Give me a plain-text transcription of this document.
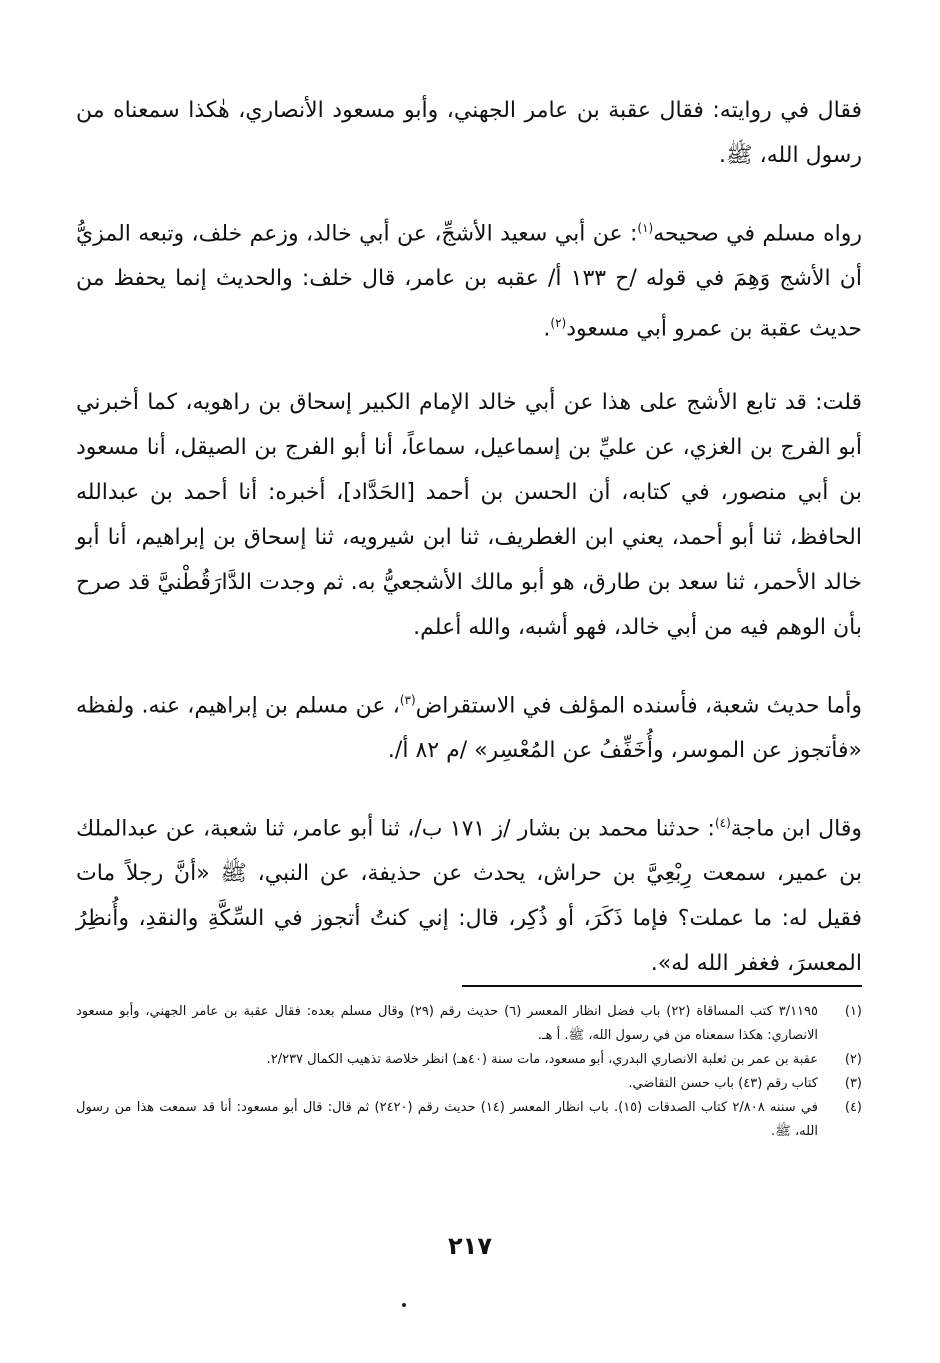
فقال في روايته: فقال عقبة بن عامر الجهني، وأبو مسعود الأنصاري، هٰكذا سمعناه من رسول الله، ﷺ.

رواه مسلم في صحيحه$^{(١)}$: عن أبي سعيد الأشجِّ، عن أبي خالد، وزعم خلف، وتبعه المزيُّ أن الأشج وَهِمَ في قوله /ح ١٣٣ أ/ عقبه بن عامر، قال خلف: والحديث إنما يحفظ من حديث عقبة بن عمرو أبي مسعود$^{(٢)}$.

قلت: قد تابع الأشج على هذا عن أبي خالد الإمام الكبير إسحاق بن راهويه، كما أخبرني أبو الفرج بن الغزي، عن عليِّ بن إسماعيل، سماعاً، أنا أبو الفرج بن الصيقل، أنا مسعود بن أبي منصور، في كتابه، أن الحسن بن أحمد [الحَدَّاد]، أخبره: أنا أحمد بن عبدالله الحافظ، ثنا أبو أحمد، يعني ابن الغطريف، ثنا ابن شيرويه، ثنا إسحاق بن إبراهيم، أنا أبو خالد الأحمر، ثنا سعد بن طارق، هو أبو مالك الأشجعيُّ به. ثم وجدت الدَّارَقُطْنيَّ قد صرح بأن الوهم فيه من أبي خالد، فهو أشبه، والله أعلم.

وأما حديث شعبة، فأسنده المؤلف في الاستقراض$^{(٣)}$، عن مسلم بن إبراهيم، عنه. ولفظه «فأتجوز عن الموسر، وأُخَفِّفُ عن المُعْسِر» /م ٨٢ أ/.

وقال ابن ماجة$^{(٤)}$: حدثنا محمد بن بشار /ز ١٧١ ب/، ثنا أبو عامر، ثنا شعبة، عن عبدالملك بن عمير، سمعت رِبْعِيَّ بن حراش، يحدث عن حذيفة، عن النبي، ﷺ «أنَّ رجلاً مات فقيل له: ما عملت؟ فإما ذَكَرَ، أو ذُكِر، قال: إني كنتُ أتجوز في السِّكَّةِ والنقدِ، وأُنظِرُ المعسرَ، فغفر الله له».

(١)
٣/١١٩٥ كتب المساقاة (٢٢) باب فضل انظار المعسر (٦) حديث رقم (٢٩) وقال مسلم بعده: فقال عقبة بن عامر الجهني، وأبو مسعود الانصاري: هكذا سمعناه من في رسول الله، ﷺ. أ هـ.
(٢)
عقبة بن عمر بن ثعلبة الانصاري البدري، أبو مسعود، مات سنة (٤٠هـ) انظر خلاصة تذهيب الكمال ٢/٢٣٧.
(٣)
كتاب رقم (٤٣) باب حسن التقاضي.
(٤)
في سننه ٢/٨٠٨ كتاب الصدقات (١٥). باب انظار المعسر (١٤) حديث رقم (٢٤٢٠) ثم قال: قال أبو مسعود: أنا قد سمعت هذا من رسول الله، ﷺ.
٢١٧
